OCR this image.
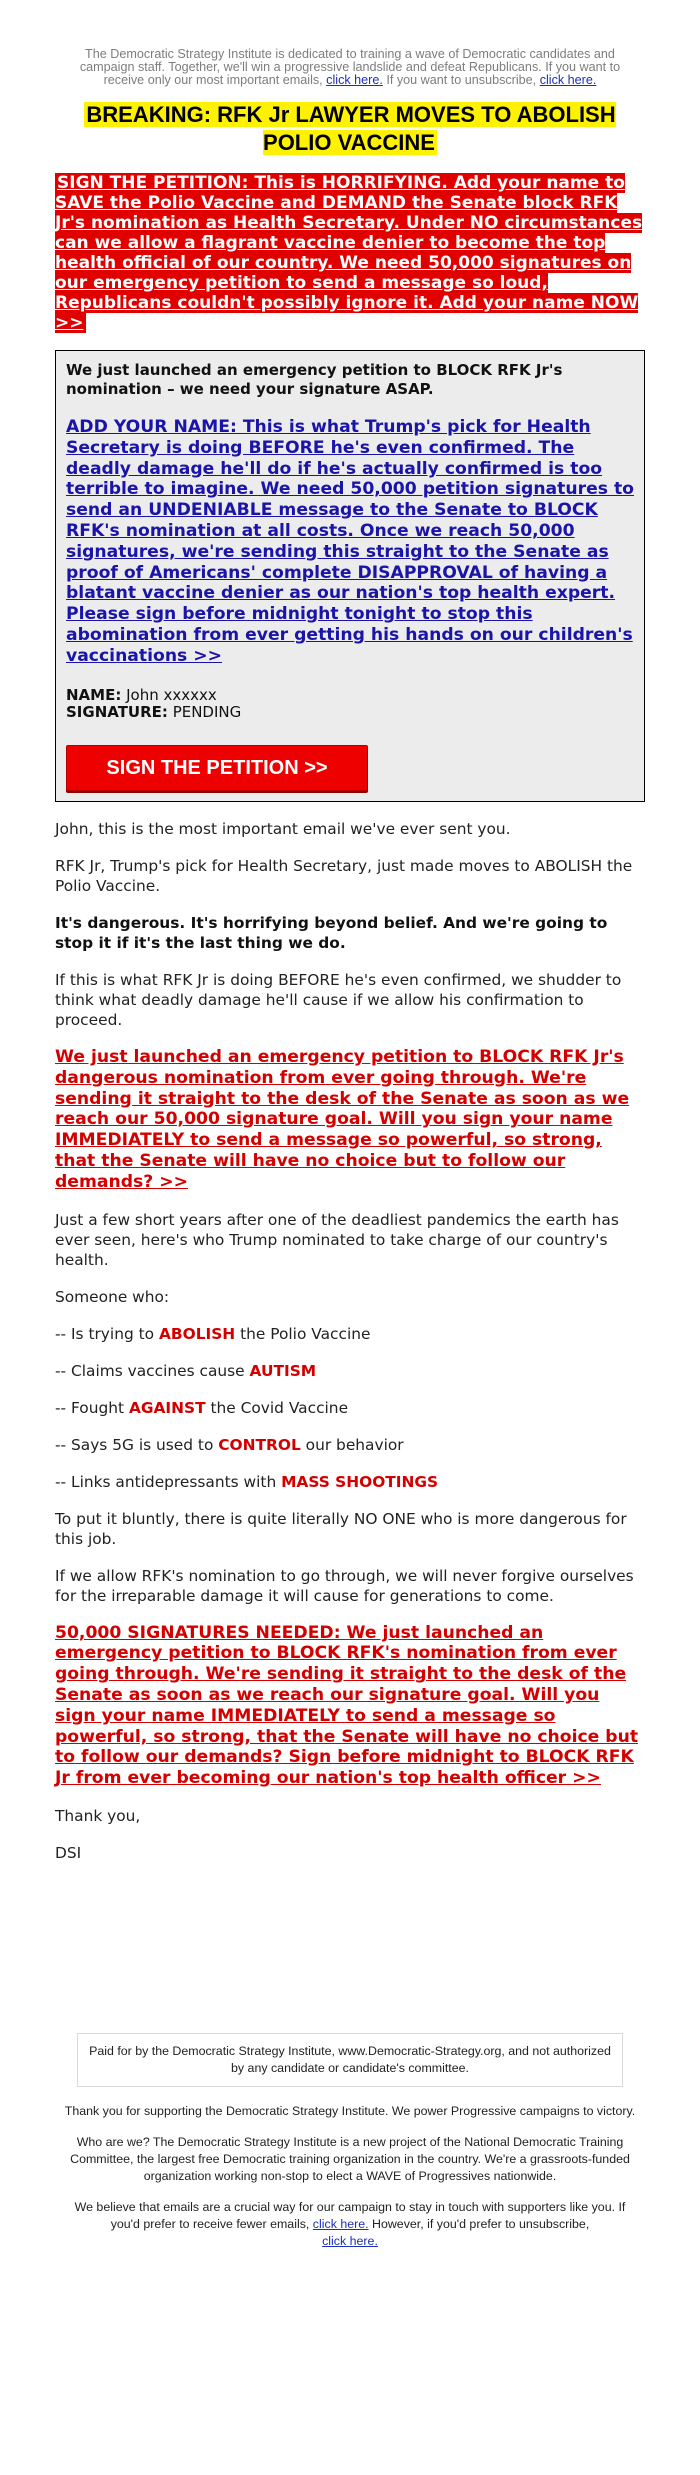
The Democratic Strategy Institute is dedicated to training a wave of Democratic candidates and campaign staff. Together, we'll win a progressive landslide and defeat Republicans. If you want to receive only our most important emails, click here. If you want to unsubscribe, click here.
BREAKING: RFK Jr LAWYER MOVES TO ABOLISH POLIO VACCINE
SIGN THE PETITION: This is HORRIFYING. Add your name to SAVE the Polio Vaccine and DEMAND the Senate block RFK Jr's nomination as Health Secretary. Under NO circumstances can we allow a flagrant vaccine denier to become the top health official of our country. We need 50,000 signatures on our emergency petition to send a message so loud, Republicans couldn't possibly ignore it. Add your name NOW >>

We just launched an emergency petition to BLOCK RFK Jr's nomination – we need your signature ASAP.

ADD YOUR NAME: This is what Trump's pick for Health Secretary is doing BEFORE he's even confirmed. The deadly damage he'll do if he's actually confirmed is too terrible to imagine. We need 50,000 petition signatures to send an UNDENIABLE message to the Senate to BLOCK RFK's nomination at all costs. Once we reach 50,000 signatures, we're sending this straight to the Senate as proof of Americans' complete DISAPPROVAL of having a blatant vaccine denier as our nation's top health expert. Please sign before midnight tonight to stop this abomination from ever getting his hands on our children's vaccinations >>
NAME: John xxxxxx
SIGNATURE: PENDING
SIGN THE PETITION >>

John, this is the most important email we've ever sent you.

RFK Jr, Trump's pick for Health Secretary, just made moves to ABOLISH the Polio Vaccine.

It's dangerous. It's horrifying beyond belief. And we're going to stop it if it's the last thing we do.

If this is what RFK Jr is doing BEFORE he's even confirmed, we shudder to think what deadly damage he'll cause if we allow his confirmation to proceed.

We just launched an emergency petition to BLOCK RFK Jr's dangerous nomination from ever going through. We're sending it straight to the desk of the Senate as soon as we reach our 50,000 signature goal. Will you sign your name IMMEDIATELY to send a message so powerful, so strong, that the Senate will have no choice but to follow our demands? >>

Just a few short years after one of the deadliest pandemics the earth has ever seen, here's who Trump nominated to take charge of our country's health.

Someone who:

-- Is trying to ABOLISH the Polio Vaccine

-- Claims vaccines cause AUTISM

-- Fought AGAINST the Covid Vaccine

-- Says 5G is used to CONTROL our behavior

-- Links antidepressants with MASS SHOOTINGS

To put it bluntly, there is quite literally NO ONE who is more dangerous for this job.

If we allow RFK's nomination to go through, we will never forgive ourselves for the irreparable damage it will cause for generations to come.

50,000 SIGNATURES NEEDED: We just launched an emergency petition to BLOCK RFK's nomination from ever going through. We're sending it straight to the desk of the Senate as soon as we reach our signature goal. Will you sign your name IMMEDIATELY to send a message so powerful, so strong, that the Senate will have no choice but to follow our demands? Sign before midnight to BLOCK RFK Jr from ever becoming our nation's top health officer >>

Thank you,

DSI

Paid for by the Democratic Strategy Institute, www.Democratic-Strategy.org, and not authorized by any candidate or candidate's committee.

Thank you for supporting the Democratic Strategy Institute. We power Progressive campaigns to victory.

Who are we? The Democratic Strategy Institute is a new project of the National Democratic Training Committee, the largest free Democratic training organization in the country. We're a grassroots-funded organization working non-stop to elect a WAVE of Progressives nationwide.

We believe that emails are a crucial way for our campaign to stay in touch with supporters like you. If you'd prefer to receive fewer emails, click here. However, if you'd prefer to unsubscribe,
click here.
